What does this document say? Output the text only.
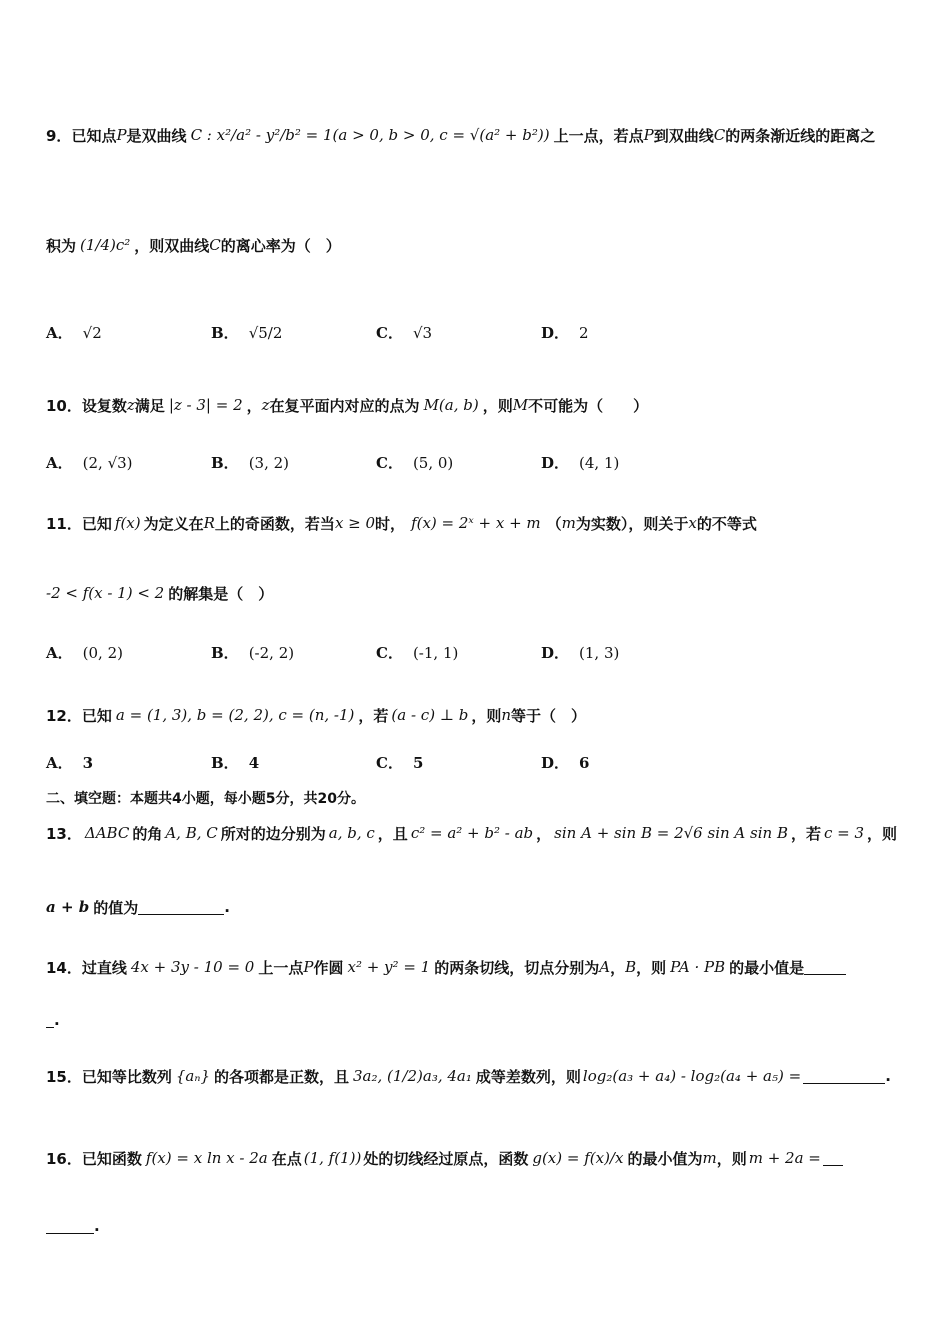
9． 已知点 P 是双曲线 C : x²/a² - y²/b² = 1(a > 0, b > 0, c = √(a² + b²)) 上一点，若点 P 到双曲线 C 的两条渐近线的距离之
积为 (1/4)c² ，则双曲线 C 的离心率为（　）
A． √2	B． √5/2	C． √3	D． 2
10． 设复数 z 满足 |z - 3| = 2 ， z 在复平面内对应的点为 M(a, b) ，则 M 不可能为（　　）
A． (2, √3)	B． (3, 2)	C． (5, 0)	D． (4, 1)
11． 已知 f(x) 为定义在 R 上的奇函数，若当 x ≥ 0 时， f(x) = 2ˣ + x + m （ m 为实数），则关于 x 的不等式
-2 < f(x - 1) < 2 的解集是（　）
A． (0, 2)	B． (-2, 2)	C． (-1, 1)	D． (1, 3)
12． 已知 a = (1, 3), b = (2, 2), c = (n, -1) ，若 (a - c) ⊥ b ，则 n 等于（　）
A． 3	B． 4	C． 5	D． 6
二、填空题：本题共4小题，每小题5分，共20分。
13． ΔABC 的角 A, B, C 所对的边分别为 a, b, c ，且 c² = a² + b² - ab ， sin A + sin B = 2√6 sin A sin B ，若 c = 3 ，则
a + b 的值为	.
14． 过直线 4x + 3y - 10 = 0 上一点 P 作圆 x² + y² = 1 的两条切线，切点分别为 A ， B ，则 PA · PB 的最小值是
.
15． 已知等比数列 {aₙ} 的各项都是正数，且 3a₂, (1/2)a₃, 4a₁ 成等差数列，则 log₂(a₃ + a₄) - log₂(a₄ + a₅) =	.
16． 已知函数 f(x) = x ln x - 2a 在点 (1, f(1)) 处的切线经过原点，函数 g(x) = f(x)/x 的最小值为 m ，则 m + 2a =
.
